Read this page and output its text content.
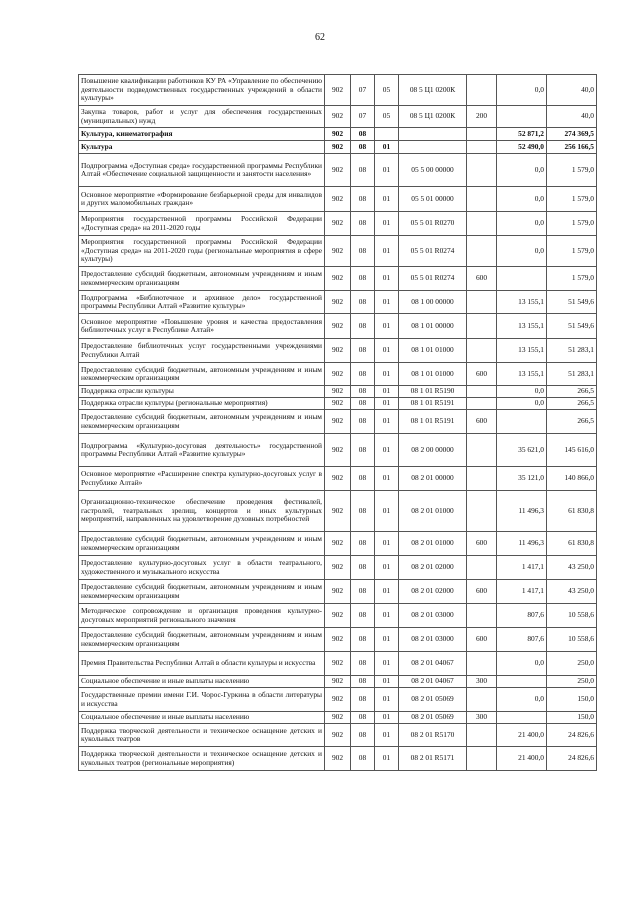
62
Повышение квалификации работников КУ РА «Управление по обеспечению деятельности подведомственных государственных учреждений в области культуры»	902	07	05	08 5 Ц1 0200К		0,0	40,0
Закупка товаров, работ и услуг для обеспечения государственных (муниципальных) нужд	902	07	05	08 5 Ц1 0200К	200		40,0
Культура, кинематография	902	08				52 871,2	274 369,5
Культура	902	08	01			52 490,0	256 166,5
Подпрограмма «Доступная среда» государственной программы Республики Алтай «Обеспечение социальной защищенности и занятости населения»	902	08	01	05 5 00 00000		0,0	1 579,0
Основное мероприятие «Формирование безбарьерной среды для инвалидов и других маломобильных граждан»	902	08	01	05 5 01 00000		0,0	1 579,0
Мероприятия государственной программы Российской Федерации «Доступная среда» на 2011-2020 годы	902	08	01	05 5 01 R0270		0,0	1 579,0
Мероприятия государственной программы Российской Федерации «Доступная среда» на 2011-2020 годы (региональные мероприятия в сфере культуры)	902	08	01	05 5 01 R0274		0,0	1 579,0
Предоставление субсидий бюджетным, автономным учреждениям и иным некоммерческим организациям	902	08	01	05 5 01 R0274	600		1 579,0
Подпрограмма «Библиотечное и архивное дело» государственной программы Республики Алтай «Развитие культуры»	902	08	01	08 1 00 00000		13 155,1	51 549,6
Основное мероприятие «Повышение уровня и качества предоставления библиотечных услуг в Республике Алтай»	902	08	01	08 1 01 00000		13 155,1	51 549,6
Предоставление библиотечных услуг государственными учреждениями Республики Алтай	902	08	01	08 1 01 01000		13 155,1	51 283,1
Предоставление субсидий бюджетным, автономным учреждениям и иным некоммерческим организациям	902	08	01	08 1 01 01000	600	13 155,1	51 283,1
Поддержка отрасли культуры	902	08	01	08 1 01 R5190		0,0	266,5
Поддержка отрасли культуры (региональные мероприятия)	902	08	01	08 1 01 R5191		0,0	266,5
Предоставление субсидий бюджетным, автономным учреждениям и иным некоммерческим организациям	902	08	01	08 1 01 R5191	600		266,5
Подпрограмма «Культурно-досуговая деятельность» государственной программы Республики Алтай «Развитие культуры»	902	08	01	08 2 00 00000		35 621,0	145 616,0
Основное мероприятие «Расширение спектра культурно-досуговых услуг в Республике Алтай»	902	08	01	08 2 01 00000		35 121,0	140 866,0
Организационно-техническое обеспечение проведения фестивалей, гастролей, театральных зрелищ, концертов и иных культурных мероприятий, направленных на удовлетворение духовных потребностей	902	08	01	08 2 01 01000		11 496,3	61 830,8
Предоставление субсидий бюджетным, автономным учреждениям и иным некоммерческим организациям	902	08	01	08 2 01 01000	600	11 496,3	61 830,8
Предоставление культурно-досуговых услуг в области театрального, художественного и музыкального искусства	902	08	01	08 2 01 02000		1 417,1	43 250,0
Предоставление субсидий бюджетным, автономным учреждениям и иным некоммерческим организациям	902	08	01	08 2 01 02000	600	1 417,1	43 250,0
Методическое сопровождение и организация проведения культурно-досуговых мероприятий регионального значения	902	08	01	08 2 01 03000		807,6	10 558,6
Предоставление субсидий бюджетным, автономным учреждениям и иным некоммерческим организациям	902	08	01	08 2 01 03000	600	807,6	10 558,6
Премия Правительства Республики Алтай в области культуры и искусства	902	08	01	08 2 01 04067		0,0	250,0
Социальное обеспечение и иные выплаты населению	902	08	01	08 2 01 04067	300		250,0
Государственные премии имени Г.И. Чорос-Гуркина в области литературы и искусства	902	08	01	08 2 01 05069		0,0	150,0
Социальное обеспечение и иные выплаты населению	902	08	01	08 2 01 05069	300		150,0
Поддержка творческой деятельности и техническое оснащение детских и кукольных театров	902	08	01	08 2 01 R5170		21 400,0	24 826,6
Поддержка творческой деятельности и техническое оснащение детских и кукольных театров (региональные мероприятия)	902	08	01	08 2 01 R5171		21 400,0	24 826,6
